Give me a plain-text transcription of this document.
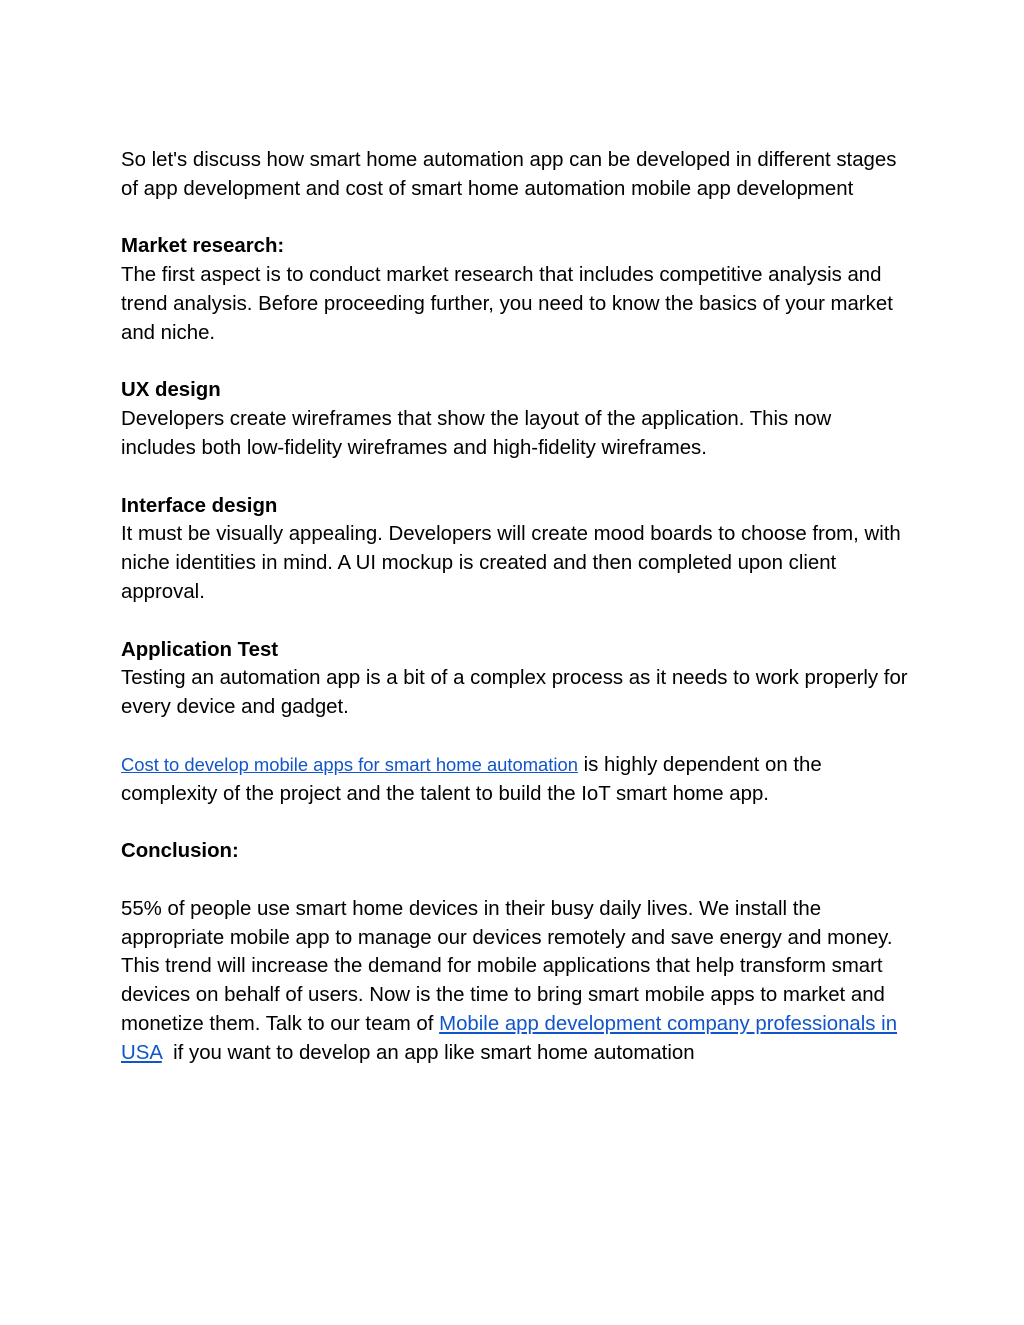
So let's discuss how smart home automation app can be developed in different stages of app development and cost of smart home automation mobile app development

Market research:

The first aspect is to conduct market research that includes competitive analysis and trend analysis. Before proceeding further, you need to know the basics of your market and niche.

UX design

Developers create wireframes that show the layout of the application. This now includes both low-fidelity wireframes and high-fidelity wireframes.

Interface design

It must be visually appealing. Developers will create mood boards to choose from, with niche identities in mind. A UI mockup is created and then completed upon client approval.

Application Test

Testing an automation app is a bit of a complex process as it needs to work properly for every device and gadget.

Cost to develop mobile apps for smart home automation is highly dependent on the complexity of the project and the talent to build the IoT smart home app.

Conclusion:

55% of people use smart home devices in their busy daily lives. We install the appropriate mobile app to manage our devices remotely and save energy and money. This trend will increase the demand for mobile applications that help transform smart devices on behalf of users. Now is the time to bring smart mobile apps to market and monetize them. Talk to our team of Mobile app development company professionals in USA  if you want to develop an app like smart home automation
